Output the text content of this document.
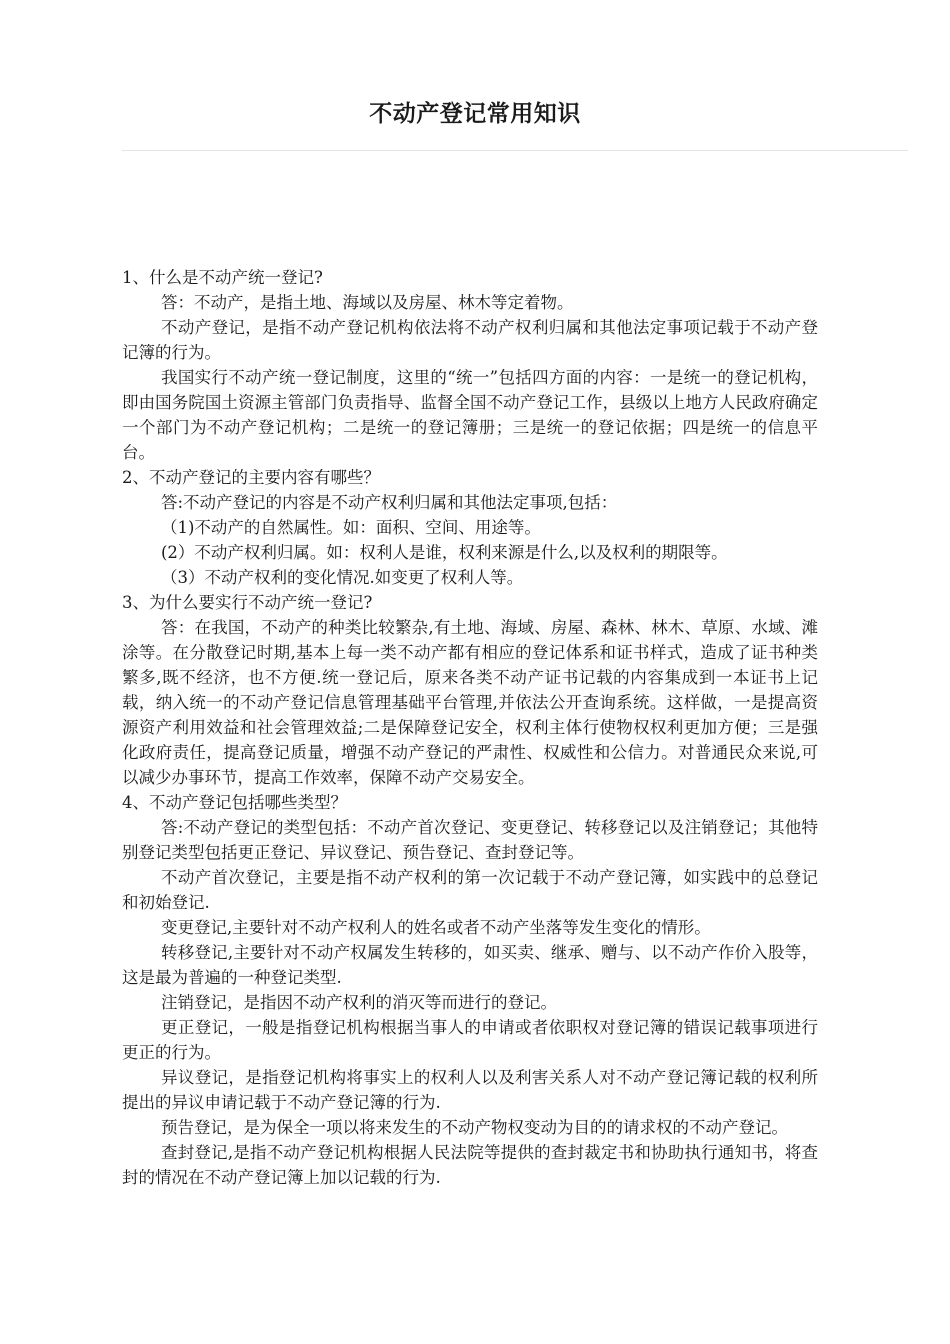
不动产登记常用知识

1、什么是不动产统一登记?

答：不动产，是指土地、海域以及房屋、林木等定着物。

不动产登记，是指不动产登记机构依法将不动产权利归属和其他法定事项记载于不动产登记簿的行为。

我国实行不动产统一登记制度，这里的“统一”包括四方面的内容：一是统一的登记机构，即由国务院国土资源主管部门负责指导、监督全国不动产登记工作，县级以上地方人民政府确定一个部门为不动产登记机构；二是统一的登记簿册；三是统一的登记依据；四是统一的信息平台。

2、不动产登记的主要内容有哪些？

答:不动产登记的内容是不动产权利归属和其他法定事项,包括：

（1)不动产的自然属性。如：面积、空间、用途等。

(2）不动产权利归属。如：权利人是谁，权利来源是什么,以及权利的期限等。

（3）不动产权利的变化情况.如变更了权利人等。

3、为什么要实行不动产统一登记?

答：在我国，不动产的种类比较繁杂,有土地、海域、房屋、森林、林木、草原、水域、滩涂等。在分散登记时期,基本上每一类不动产都有相应的登记体系和证书样式，造成了证书种类繁多,既不经济，也不方便.统一登记后，原来各类不动产证书记载的内容集成到一本证书上记载，纳入统一的不动产登记信息管理基础平台管理,并依法公开查询系统。这样做，一是提高资源资产利用效益和社会管理效益;二是保障登记安全，权利主体行使物权权利更加方便；三是强化政府责任，提高登记质量，增强不动产登记的严肃性、权威性和公信力。对普通民众来说,可以减少办事环节，提高工作效率，保障不动产交易安全。

4、不动产登记包括哪些类型？

答:不动产登记的类型包括：不动产首次登记、变更登记、转移登记以及注销登记；其他特别登记类型包括更正登记、异议登记、预告登记、查封登记等。

不动产首次登记，主要是指不动产权利的第一次记载于不动产登记簿，如实践中的总登记和初始登记.

变更登记,主要针对不动产权利人的姓名或者不动产坐落等发生变化的情形。

转移登记,主要针对不动产权属发生转移的，如买卖、继承、赠与、以不动产作价入股等，这是最为普遍的一种登记类型.

注销登记，是指因不动产权利的消灭等而进行的登记。

更正登记，一般是指登记机构根据当事人的申请或者依职权对登记簿的错误记载事项进行更正的行为。

异议登记，是指登记机构将事实上的权利人以及利害关系人对不动产登记簿记载的权利所提出的异议申请记载于不动产登记簿的行为.

预告登记，是为保全一项以将来发生的不动产物权变动为目的的请求权的不动产登记。

查封登记,是指不动产登记机构根据人民法院等提供的查封裁定书和协助执行通知书，将查封的情况在不动产登记簿上加以记载的行为.
